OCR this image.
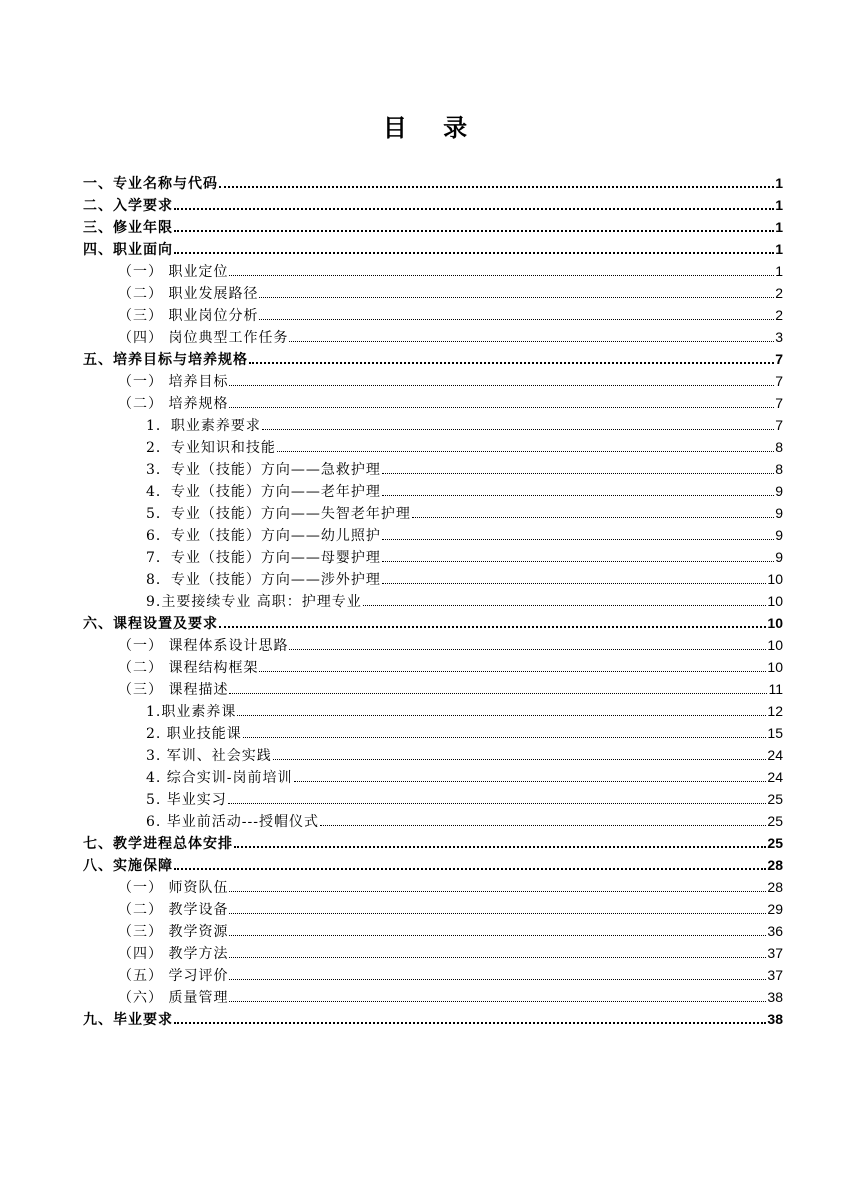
目 录
一、专业名称与代码	1
二、入学要求	1
三、修业年限	1
四、职业面向	1
（一） 职业定位	1
（二） 职业发展路径	2
（三） 职业岗位分析	2
（四） 岗位典型工作任务	3
五、培养目标与培养规格	7
（一） 培养目标	7
（二） 培养规格	7
1．职业素养要求	7
2．专业知识和技能	8
3．专业（技能）方向——急救护理	8
4．专业（技能）方向——老年护理	9
5．专业（技能）方向——失智老年护理	9
6．专业（技能）方向——幼儿照护	9
7．专业（技能）方向——母婴护理	9
8．专业（技能）方向——涉外护理	10
9.主要接续专业 高职：护理专业	10
六、课程设置及要求	10
（一） 课程体系设计思路	10
（二） 课程结构框架	10
（三） 课程描述	11
1.职业素养课	12
2. 职业技能课	15
3. 军训、社会实践	24
4. 综合实训-岗前培训	24
5. 毕业实习	25
6. 毕业前活动---授帽仪式	25
七、教学进程总体安排	25
八、实施保障	28
（一） 师资队伍	28
（二） 教学设备	29
（三） 教学资源	36
（四） 教学方法	37
（五） 学习评价	37
（六） 质量管理	38
九、毕业要求	38
